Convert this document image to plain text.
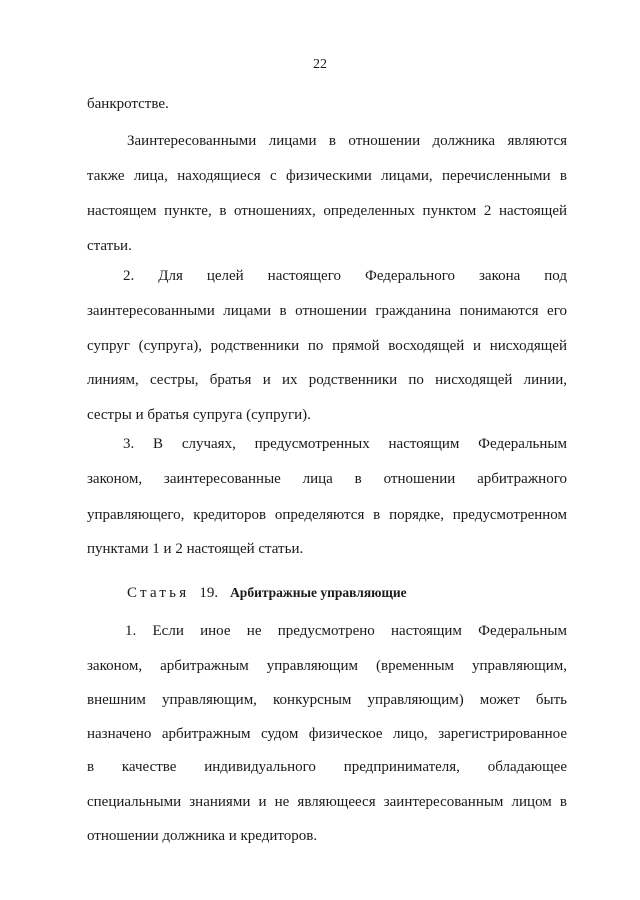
22
банкротстве.
Заинтересованными лицами в отношении должника являются
также лица, находящиеся с физическими лицами, перечисленными в
настоящем пункте, в отношениях, определенных пунктом 2 настоящей
статьи.
2. Для целей настоящего Федерального закона под
заинтересованными лицами в отношении гражданина понимаются его
супруг (супруга), родственники по прямой восходящей и нисходящей
линиям, сестры, братья и их родственники по нисходящей линии,
сестры и братья супруга (супруги).
3. В случаях, предусмотренных настоящим Федеральным
законом, заинтересованные лица в отношении арбитражного
управляющего, кредиторов определяются в порядке, предусмотренном
пунктами 1 и 2 настоящей статьи.
Статья 19. Арбитражные управляющие
1. Если иное не предусмотрено настоящим Федеральным
законом, арбитражным управляющим (временным управляющим,
внешним управляющим, конкурсным управляющим) может быть
назначено арбитражным судом физическое лицо, зарегистрированное
в качестве индивидуального предпринимателя, обладающее
специальными знаниями и не являющееся заинтересованным лицом в
отношении должника и кредиторов.
